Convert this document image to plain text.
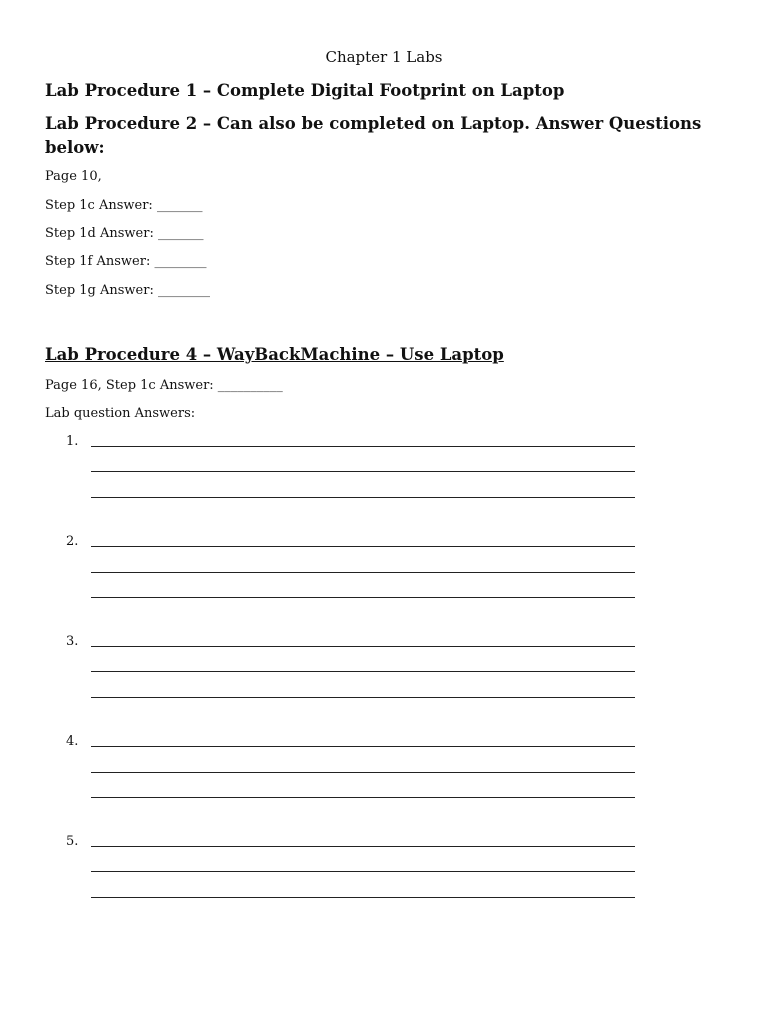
Chapter 1 Labs
Lab Procedure 1 – Complete Digital Footprint on Laptop
Lab Procedure 2 – Can also be completed on Laptop. Answer Questions below:
Page 10,
Step 1c Answer: _______
Step 1d Answer: _______
Step 1f Answer: ________
Step 1g Answer: ________
Lab Procedure 4 – WayBackMachine – Use Laptop
Page 16, Step 1c Answer: __________
Lab question Answers:
1.
2.
3.
4.
5.
